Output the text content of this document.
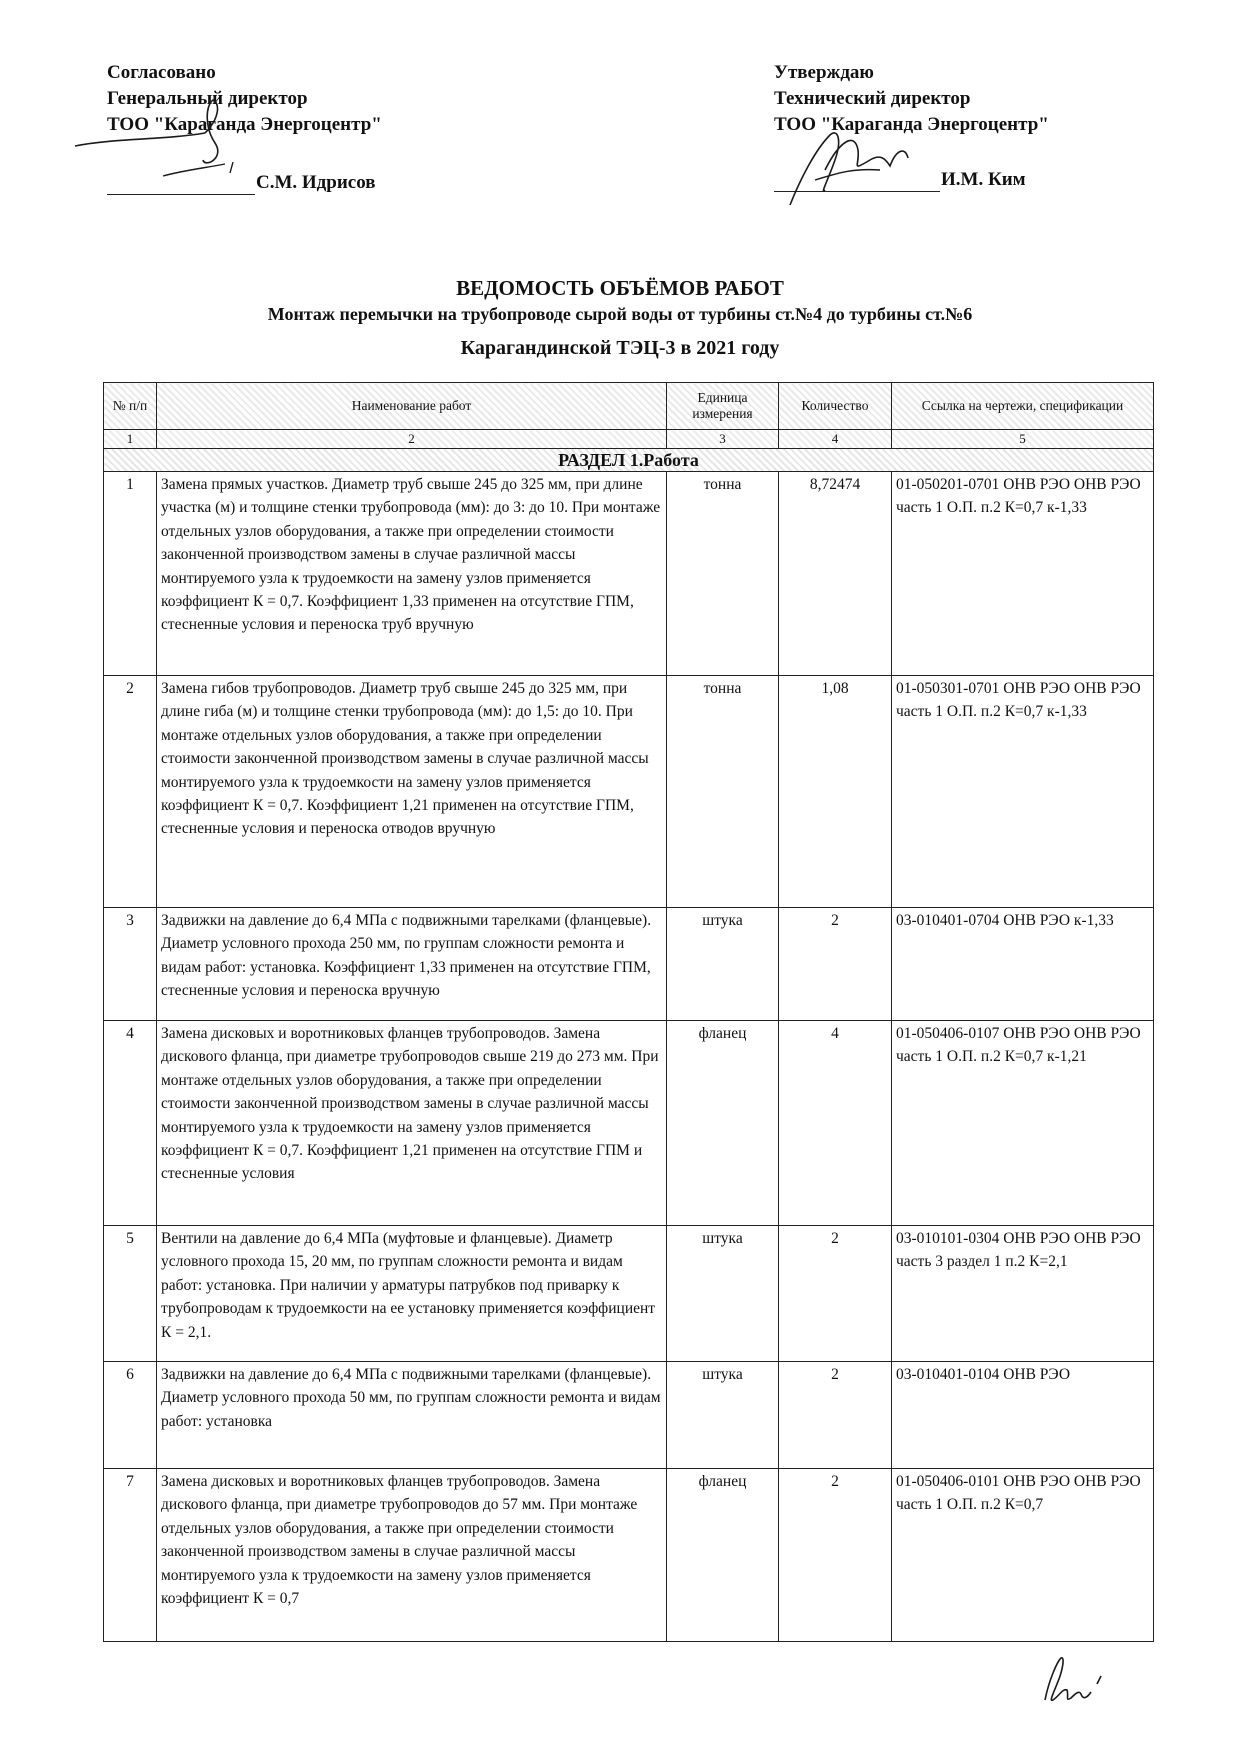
Согласовано
Генеральный директор
ТОО "Караганда Энергоцентр"
С.М. Идрисов
Утверждаю
Технический директор
ТОО "Караганда Энергоцентр"
И.М. Ким
ВЕДОМОСТЬ ОБЪЁМОВ РАБОТ
Монтаж перемычки на трубопроводе сырой воды от турбины ст.№4 до турбины ст.№6
Карагандинской ТЭЦ-3 в 2021 году
№ п/п	Наименование работ	Единица измерения	Количество	Ссылка на чертежи, спецификации
1	2	3	4	5
РАЗДЕЛ 1.Работа				
1	Замена прямых участков. Диаметр труб свыше 245 до 325 мм, при длине участка (м) и толщине стенки трубопровода (мм): до 3: до 10. При монтаже отдельных узлов оборудования, а также при определении стоимости законченной производством замены в случае различной массы монтируемого узла к трудоемкости на замену узлов применяется коэффициент К = 0,7. Коэффициент 1,33 применен на отсутствие ГПМ, стесненные условия и переноска труб вручную	тонна	8,72474	01-050201-0701 ОНВ РЭО ОНВ РЭО часть 1 О.П. п.2 К=0,7 к-1,33
2	Замена гибов трубопроводов. Диаметр труб свыше 245 до 325 мм, при длине гиба (м) и толщине стенки трубопровода (мм): до 1,5: до 10. При монтаже отдельных узлов оборудования, а также при определении стоимости законченной производством замены в случае различной массы монтируемого узла к трудоемкости на замену узлов применяется коэффициент К = 0,7. Коэффициент 1,21 применен на отсутствие ГПМ, стесненные условия и переноска отводов вручную	тонна	1,08	01-050301-0701 ОНВ РЭО ОНВ РЭО часть 1 О.П. п.2 К=0,7 к-1,33
3	Задвижки на давление до 6,4 МПа с подвижными тарелками (фланцевые). Диаметр условного прохода 250 мм, по группам сложности ремонта и видам работ: установка. Коэффициент 1,33 применен на отсутствие ГПМ, стесненные условия и переноска вручную	штука	2	03-010401-0704 ОНВ РЭО к-1,33
4	Замена дисковых и воротниковых фланцев трубопроводов. Замена дискового фланца, при диаметре трубопроводов свыше 219 до 273 мм. При монтаже отдельных узлов оборудования, а также при определении стоимости законченной производством замены в случае различной массы монтируемого узла к трудоемкости на замену узлов применяется коэффициент К = 0,7. Коэффициент 1,21 применен на отсутствие ГПМ и стесненные условия	фланец	4	01-050406-0107 ОНВ РЭО ОНВ РЭО часть 1 О.П. п.2 К=0,7 к-1,21
5	Вентили на давление до 6,4 МПа (муфтовые и фланцевые). Диаметр условного прохода 15, 20 мм, по группам сложности ремонта и видам работ: установка. При наличии у арматуры патрубков под приварку к трубопроводам к трудоемкости на ее установку применяется коэффициент К = 2,1.	штука	2	03-010101-0304 ОНВ РЭО ОНВ РЭО часть 3 раздел 1 п.2 К=2,1
6	Задвижки на давление до 6,4 МПа с подвижными тарелками (фланцевые). Диаметр условного прохода 50 мм, по группам сложности ремонта и видам работ: установка	штука	2	03-010401-0104 ОНВ РЭО
7	Замена дисковых и воротниковых фланцев трубопроводов. Замена дискового фланца, при диаметре трубопроводов до 57 мм. При монтаже отдельных узлов оборудования, а также при определении стоимости законченной производством замены в случае различной массы монтируемого узла к трудоемкости на замену узлов применяется коэффициент К = 0,7	фланец	2	01-050406-0101 ОНВ РЭО ОНВ РЭО часть 1 О.П. п.2 К=0,7
